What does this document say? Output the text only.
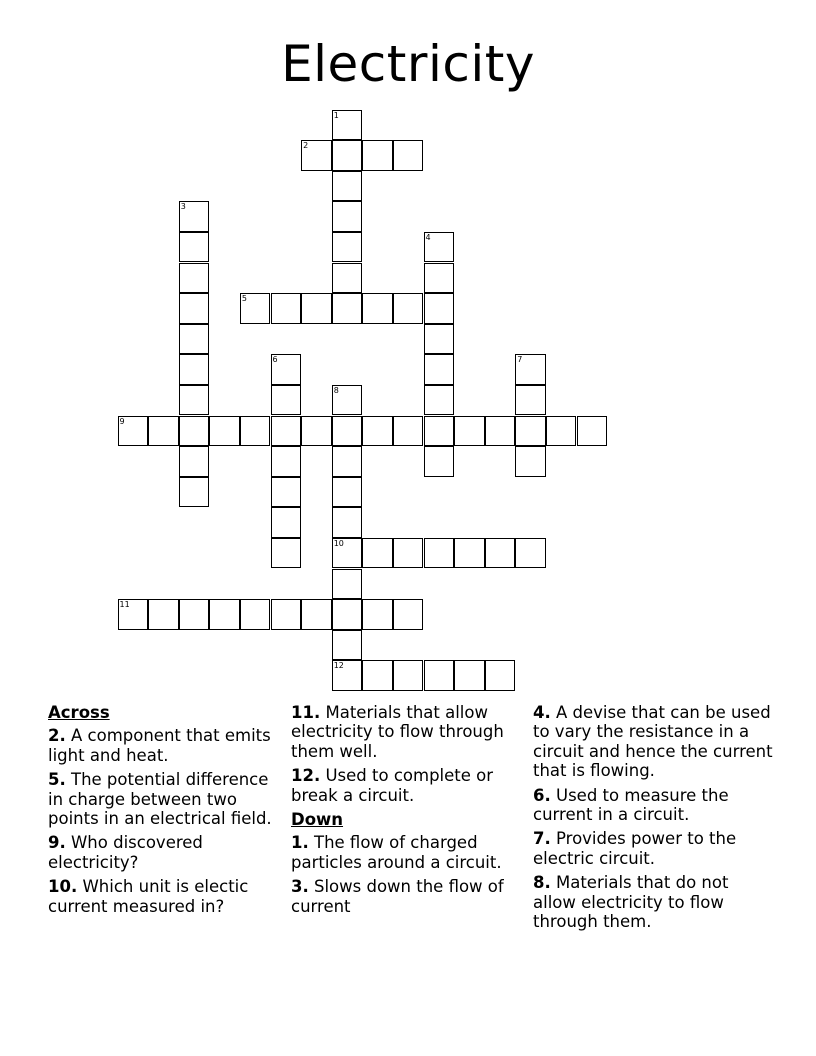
Electricity
1
2
3
4
5
6	7
8
10
12
9
11
Across
2. A component that emits light and heat.
5. The potential difference in charge between two points in an electrical field.
9. Who discovered electricity?
10. Which unit is electic current measured in?
11. Materials that allow electricity to flow through them well.
12. Used to complete or break a circuit.
Down
1. The flow of charged particles around a circuit.
3. Slows down the flow of current
4. A devise that can be used to vary the resistance in a circuit and hence the current that is flowing.
6. Used to measure the current in a circuit.
7. Provides power to the electric circuit.
8. Materials that do not allow electricity to flow through them.
